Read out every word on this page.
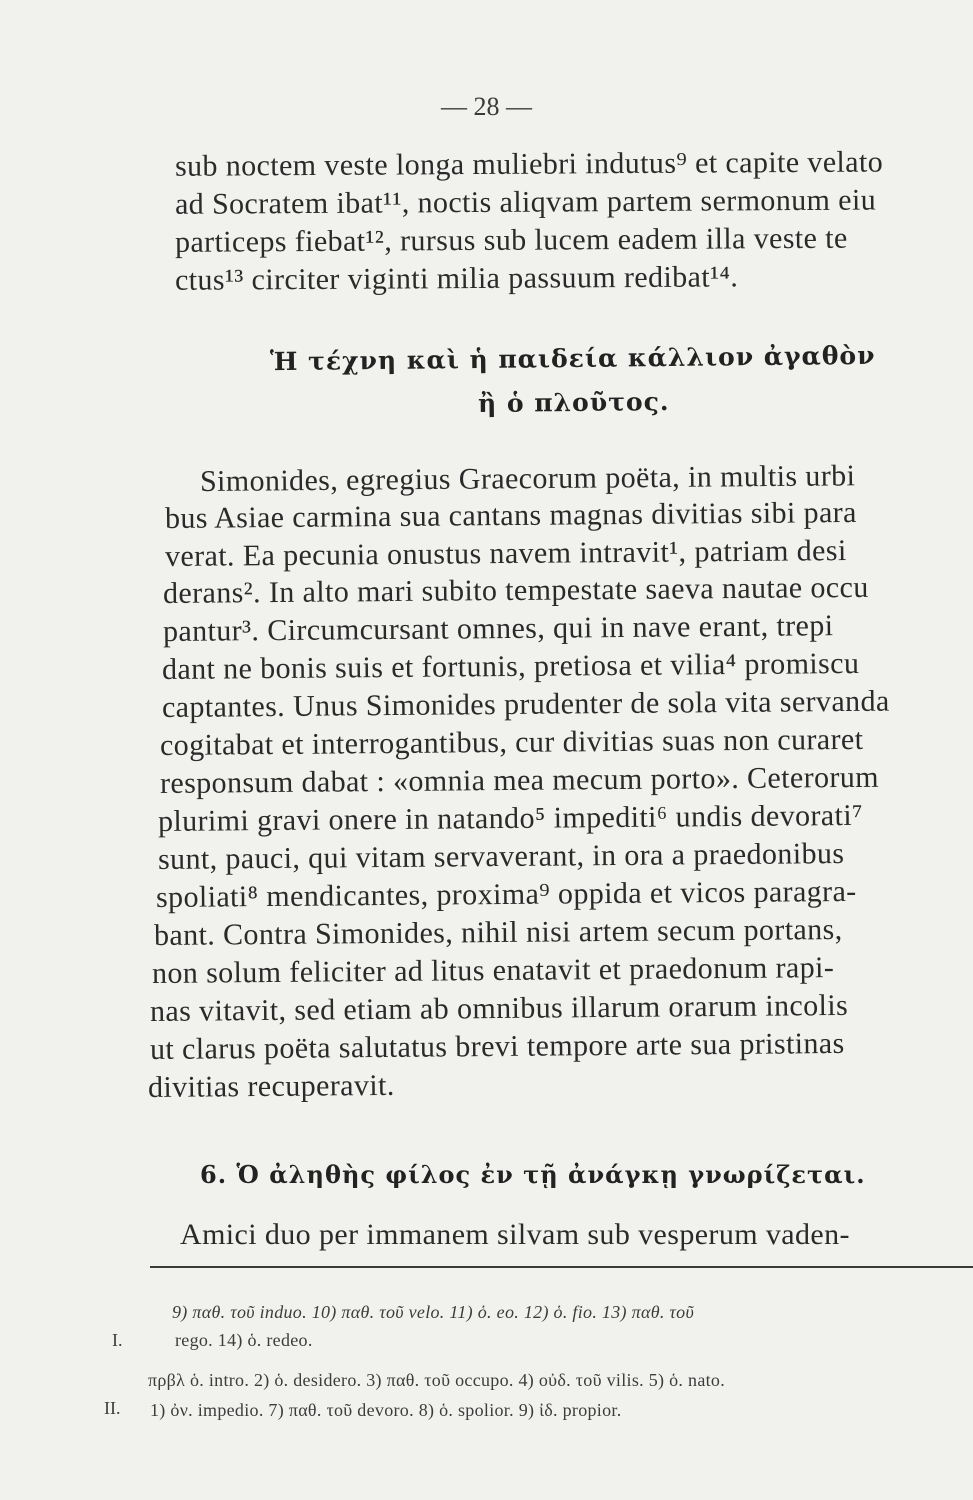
— 28 —
sub noctem veste longa muliebri indutus⁹ et capite velato
ad Socratem ibat¹¹, noctis aliqvam partem sermonum eiu
particeps fiebat¹², rursus sub lucem eadem illa veste te
ctus¹³ circiter viginti milia passuum redibat¹⁴.
Ἡ τέχνη καὶ ἡ παιδεία κάλλιον ἀγαθὸν
ἢ ὁ πλοῦτος.
Simonides, egregius Graecorum poëta, in multis urbi
bus Asiae carmina sua cantans magnas divitias sibi para
verat. Ea pecunia onustus navem intravit¹, patriam desi
derans². In alto mari subito tempestate saeva nautae occu
pantur³. Circumcursant omnes, qui in nave erant, trepi
dant ne bonis suis et fortunis, pretiosa et vilia⁴ promiscu
captantes. Unus Simonides prudenter de sola vita servanda
cogitabat et interrogantibus, cur divitias suas non curaret
responsum dabat : «omnia mea mecum porto». Ceterorum
plurimi gravi onere in natando⁵ impediti⁶ undis devorati⁷
sunt, pauci, qui vitam servaverant, in ora a praedonibus
spoliati⁸ mendicantes, proxima⁹ oppida et vicos paragra-
bant. Contra Simonides, nihil nisi artem secum portans,
non solum feliciter ad litus enatavit et praedonum rapi-
nas vitavit, sed etiam ab omnibus illarum orarum incolis
ut clarus poëta salutatus brevi tempore arte sua pristinas
divitias recuperavit.
6. Ὁ ἀληθὴς φίλος ἐν τῇ ἀνάγκῃ γνωρίζεται.
Amici duo per immanem silvam sub vesperum vaden-
I.
II.
9) παθ. τοῦ induo. 10) παθ. τοῦ velo. 11) ὁ. eo. 12) ὁ. fio. 13) παθ. τοῦ
rego. 14) ὁ. redeo.
πρβλ ὁ. intro. 2) ὁ. desidero. 3) παθ. τοῦ occupo. 4) οὐδ. τοῦ vilis. 5) ὁ. nato.
1) ὀν. impedio. 7) παθ. τοῦ devoro. 8) ὁ. spolior. 9) ἰδ. propior.
